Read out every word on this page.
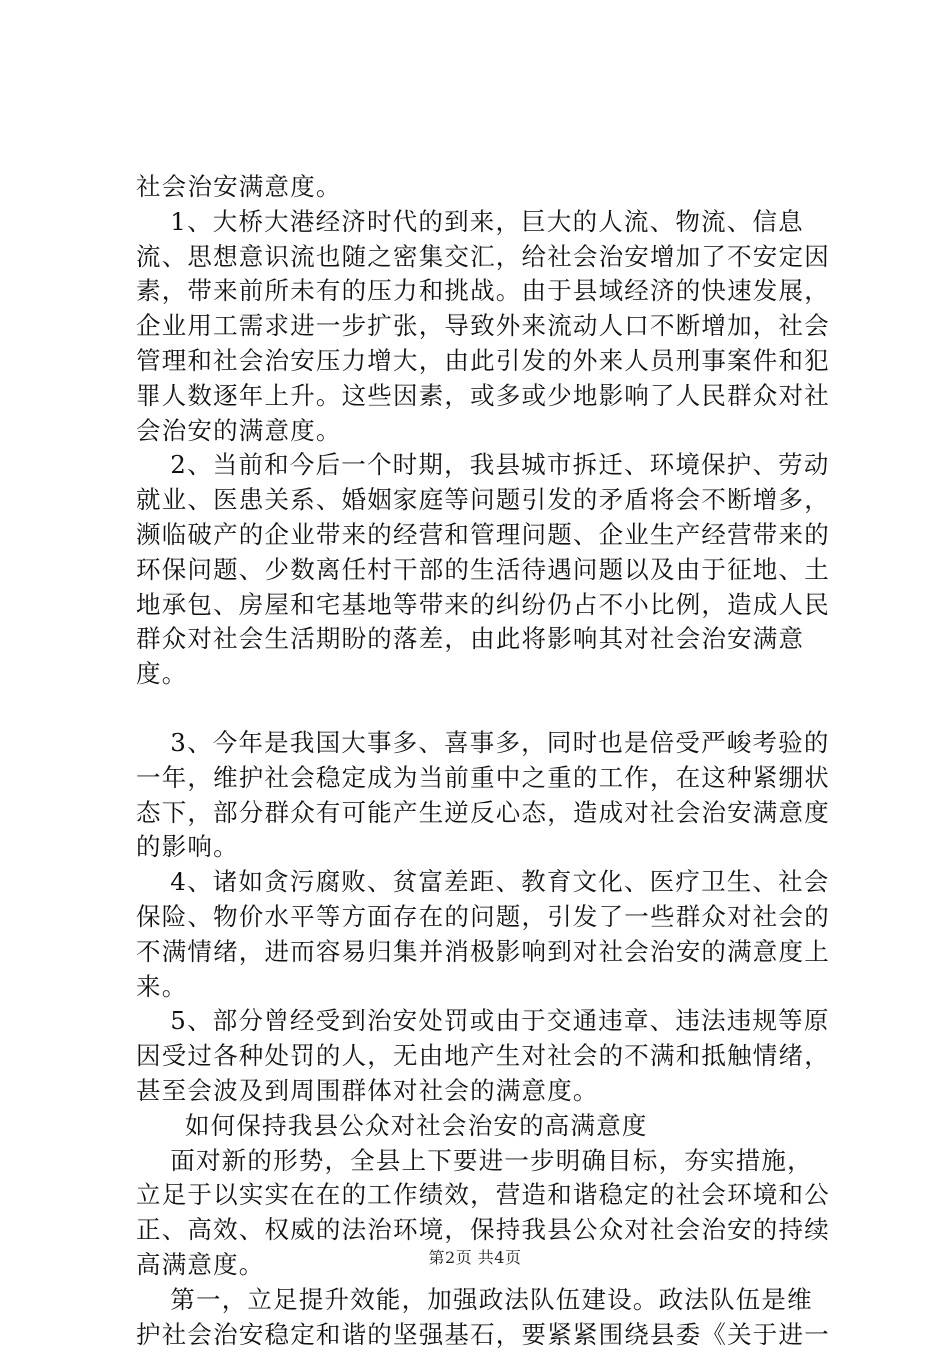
社会治安满意度。

1、大桥大港经济时代的到来，巨大的人流、物流、信息流、思想意识流也随之密集交汇，给社会治安增加了不安定因素，带来前所未有的压力和挑战。由于县域经济的快速发展，企业用工需求进一步扩张，导致外来流动人口不断增加，社会管理和社会治安压力增大，由此引发的外来人员刑事案件和犯罪人数逐年上升。这些因素，或多或少地影响了人民群众对社会治安的满意度。

2、当前和今后一个时期，我县城市拆迁、环境保护、劳动就业、医患关系、婚姻家庭等问题引发的矛盾将会不断增多，濒临破产的企业带来的经营和管理问题、企业生产经营带来的环保问题、少数离任村干部的生活待遇问题以及由于征地、土地承包、房屋和宅基地等带来的纠纷仍占不小比例，造成人民群众对社会生活期盼的落差，由此将影响其对社会治安满意度。

3、今年是我国大事多、喜事多，同时也是倍受严峻考验的一年，维护社会稳定成为当前重中之重的工作，在这种紧绷状态下，部分群众有可能产生逆反心态，造成对社会治安满意度的影响。

4、诸如贪污腐败、贫富差距、教育文化、医疗卫生、社会保险、物价水平等方面存在的问题，引发了一些群众对社会的不满情绪，进而容易归集并消极影响到对社会治安的满意度上来。

5、部分曾经受到治安处罚或由于交通违章、违法违规等原因受过各种处罚的人，无由地产生对社会的不满和抵触情绪，甚至会波及到周围群体对社会的满意度。

如何保持我县公众对社会治安的高满意度

面对新的形势，全县上下要进一步明确目标，夯实措施，立足于以实实在在的工作绩效，营造和谐稳定的社会环境和公正、高效、权威的法治环境，保持我县公众对社会治安的持续高满意度。

第一，立足提升效能，加强政法队伍建设。政法队伍是维护社会治安稳定和谐的坚强基石，要紧紧围绕县委《关于进一

第2页 共4页
